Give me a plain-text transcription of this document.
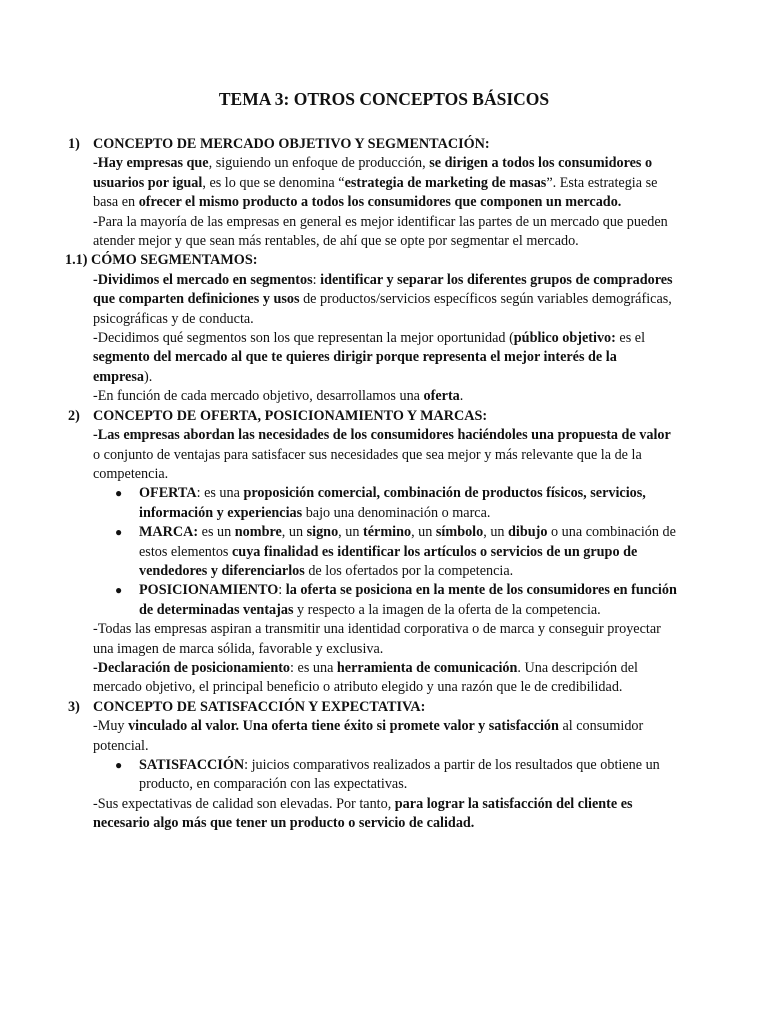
TEMA 3: OTROS CONCEPTOS BÁSICOS
1) CONCEPTO DE MERCADO OBJETIVO Y SEGMENTACIÓN:
-Hay empresas que, siguiendo un enfoque de producción, se dirigen a todos los consumidores o usuarios por igual, es lo que se denomina “estrategia de marketing de masas”. Esta estrategia se basa en ofrecer el mismo producto a todos los consumidores que componen un mercado.
-Para la mayoría de las empresas en general es mejor identificar las partes de un mercado que pueden atender mejor y que sean más rentables, de ahí que se opte por segmentar el mercado.
1.1) CÓMO SEGMENTAMOS:
-Dividimos el mercado en segmentos: identificar y separar los diferentes grupos de compradores que comparten definiciones y usos de productos/servicios específicos según variables demográficas, psicográficas y de conducta.
-Decidimos qué segmentos son los que representan la mejor oportunidad (público objetivo: es el segmento del mercado al que te quieres dirigir porque representa el mejor interés de la empresa).
-En función de cada mercado objetivo, desarrollamos una oferta.
2) CONCEPTO DE OFERTA, POSICIONAMIENTO Y MARCAS:
-Las empresas abordan las necesidades de los consumidores haciéndoles una propuesta de valor o conjunto de ventajas para satisfacer sus necesidades que sea mejor y más relevante que la de la competencia.
● OFERTA: es una proposición comercial, combinación de productos físicos, servicios, información y experiencias bajo una denominación o marca.
● MARCA: es un nombre, un signo, un término, un símbolo, un dibujo o una combinación de estos elementos cuya finalidad es identificar los artículos o servicios de un grupo de vendedores y diferenciarlos de los ofertados por la competencia.
● POSICIONAMIENTO: la oferta se posiciona en la mente de los consumidores en función de determinadas ventajas y respecto a la imagen de la oferta de la competencia.
-Todas las empresas aspiran a transmitir una identidad corporativa o de marca y conseguir proyectar una imagen de marca sólida, favorable y exclusiva.
-Declaración de posicionamiento: es una herramienta de comunicación. Una descripción del mercado objetivo, el principal beneficio o atributo elegido y una razón que le de credibilidad.
3) CONCEPTO DE SATISFACCIÓN Y EXPECTATIVA:
-Muy vinculado al valor. Una oferta tiene éxito si promete valor y satisfacción al consumidor potencial.
● SATISFACCIÓN: juicios comparativos realizados a partir de los resultados que obtiene un producto, en comparación con las expectativas.
-Sus expectativas de calidad son elevadas. Por tanto, para lograr la satisfacción del cliente es necesario algo más que tener un producto o servicio de calidad.
